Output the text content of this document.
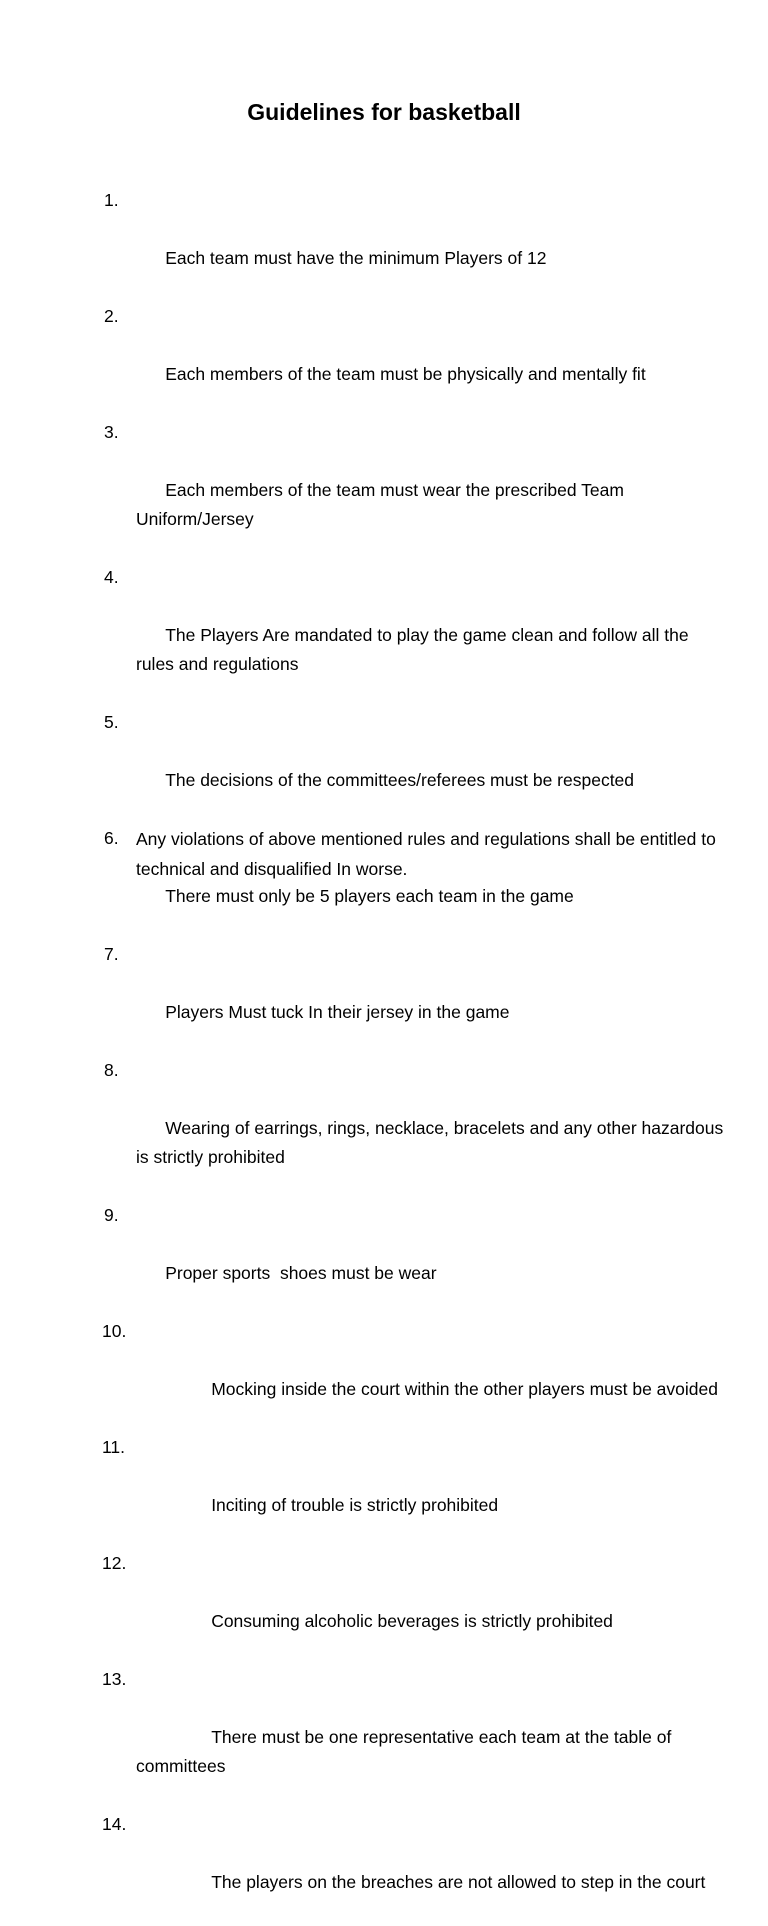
Guidelines for basketball

1.

Each team must have the minimum Players of 12

2.

Each members of the team must be physically and mentally fit

3.

Each members of the team must wear the prescribed Team Uniform/Jersey

4.

The Players Are mandated to play the game clean and follow all the rules and regulations

5.

The decisions of the committees/referees must be respected

6.

There must only be 5 players each team in the game

7.

Players Must tuck In their jersey in the game

8.

Wearing of earrings, rings, necklace, bracelets and any other hazardous is strictly prohibited

9.

Proper sports  shoes must be wear

10.

Mocking inside the court within the other players must be avoided

11.

Inciting of trouble is strictly prohibited

12.

Consuming alcoholic beverages is strictly prohibited

13.

There must be one representative each team at the table of committees

14.

The players on the breaches are not allowed to step in the court

Any violations of above mentioned rules and regulations shall be entitled to technical and disqualified In worse.
